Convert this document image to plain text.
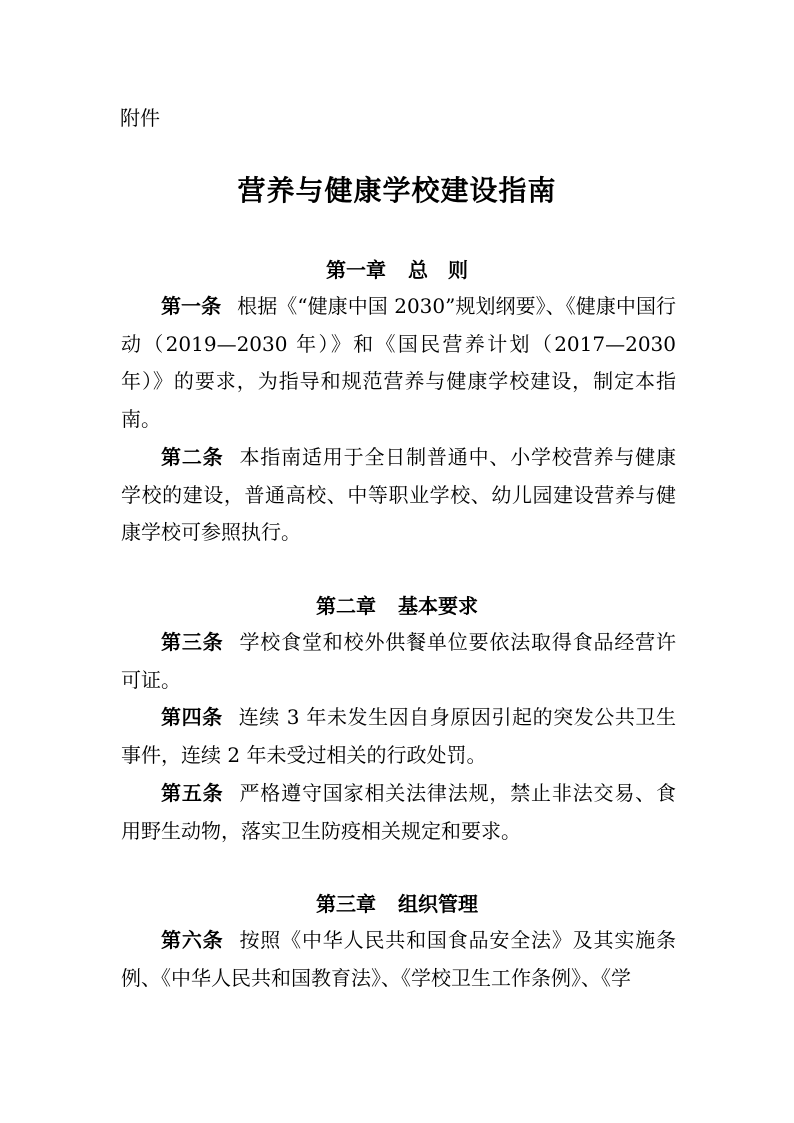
附件
营养与健康学校建设指南
第一章 总　则

第一条 根据《“健康中国 2030”规划纲要》、《健康中国行动（2019—2030 年）》和《国民营养计划（2017—2030年）》的要求，为指导和规范营养与健康学校建设，制定本指南。

第二条 本指南适用于全日制普通中、小学校营养与健康学校的建设，普通高校、中等职业学校、幼儿园建设营养与健康学校可参照执行。

第二章 基本要求

第三条 学校食堂和校外供餐单位要依法取得食品经营许可证。

第四条 连续 3 年未发生因自身原因引起的突发公共卫生事件，连续 2 年未受过相关的行政处罚。

第五条 严格遵守国家相关法律法规，禁止非法交易、食用野生动物，落实卫生防疫相关规定和要求。

第三章 组织管理

第六条 按照《中华人民共和国食品安全法》及其实施条例、《中华人民共和国教育法》、《学校卫生工作条例》、《学
